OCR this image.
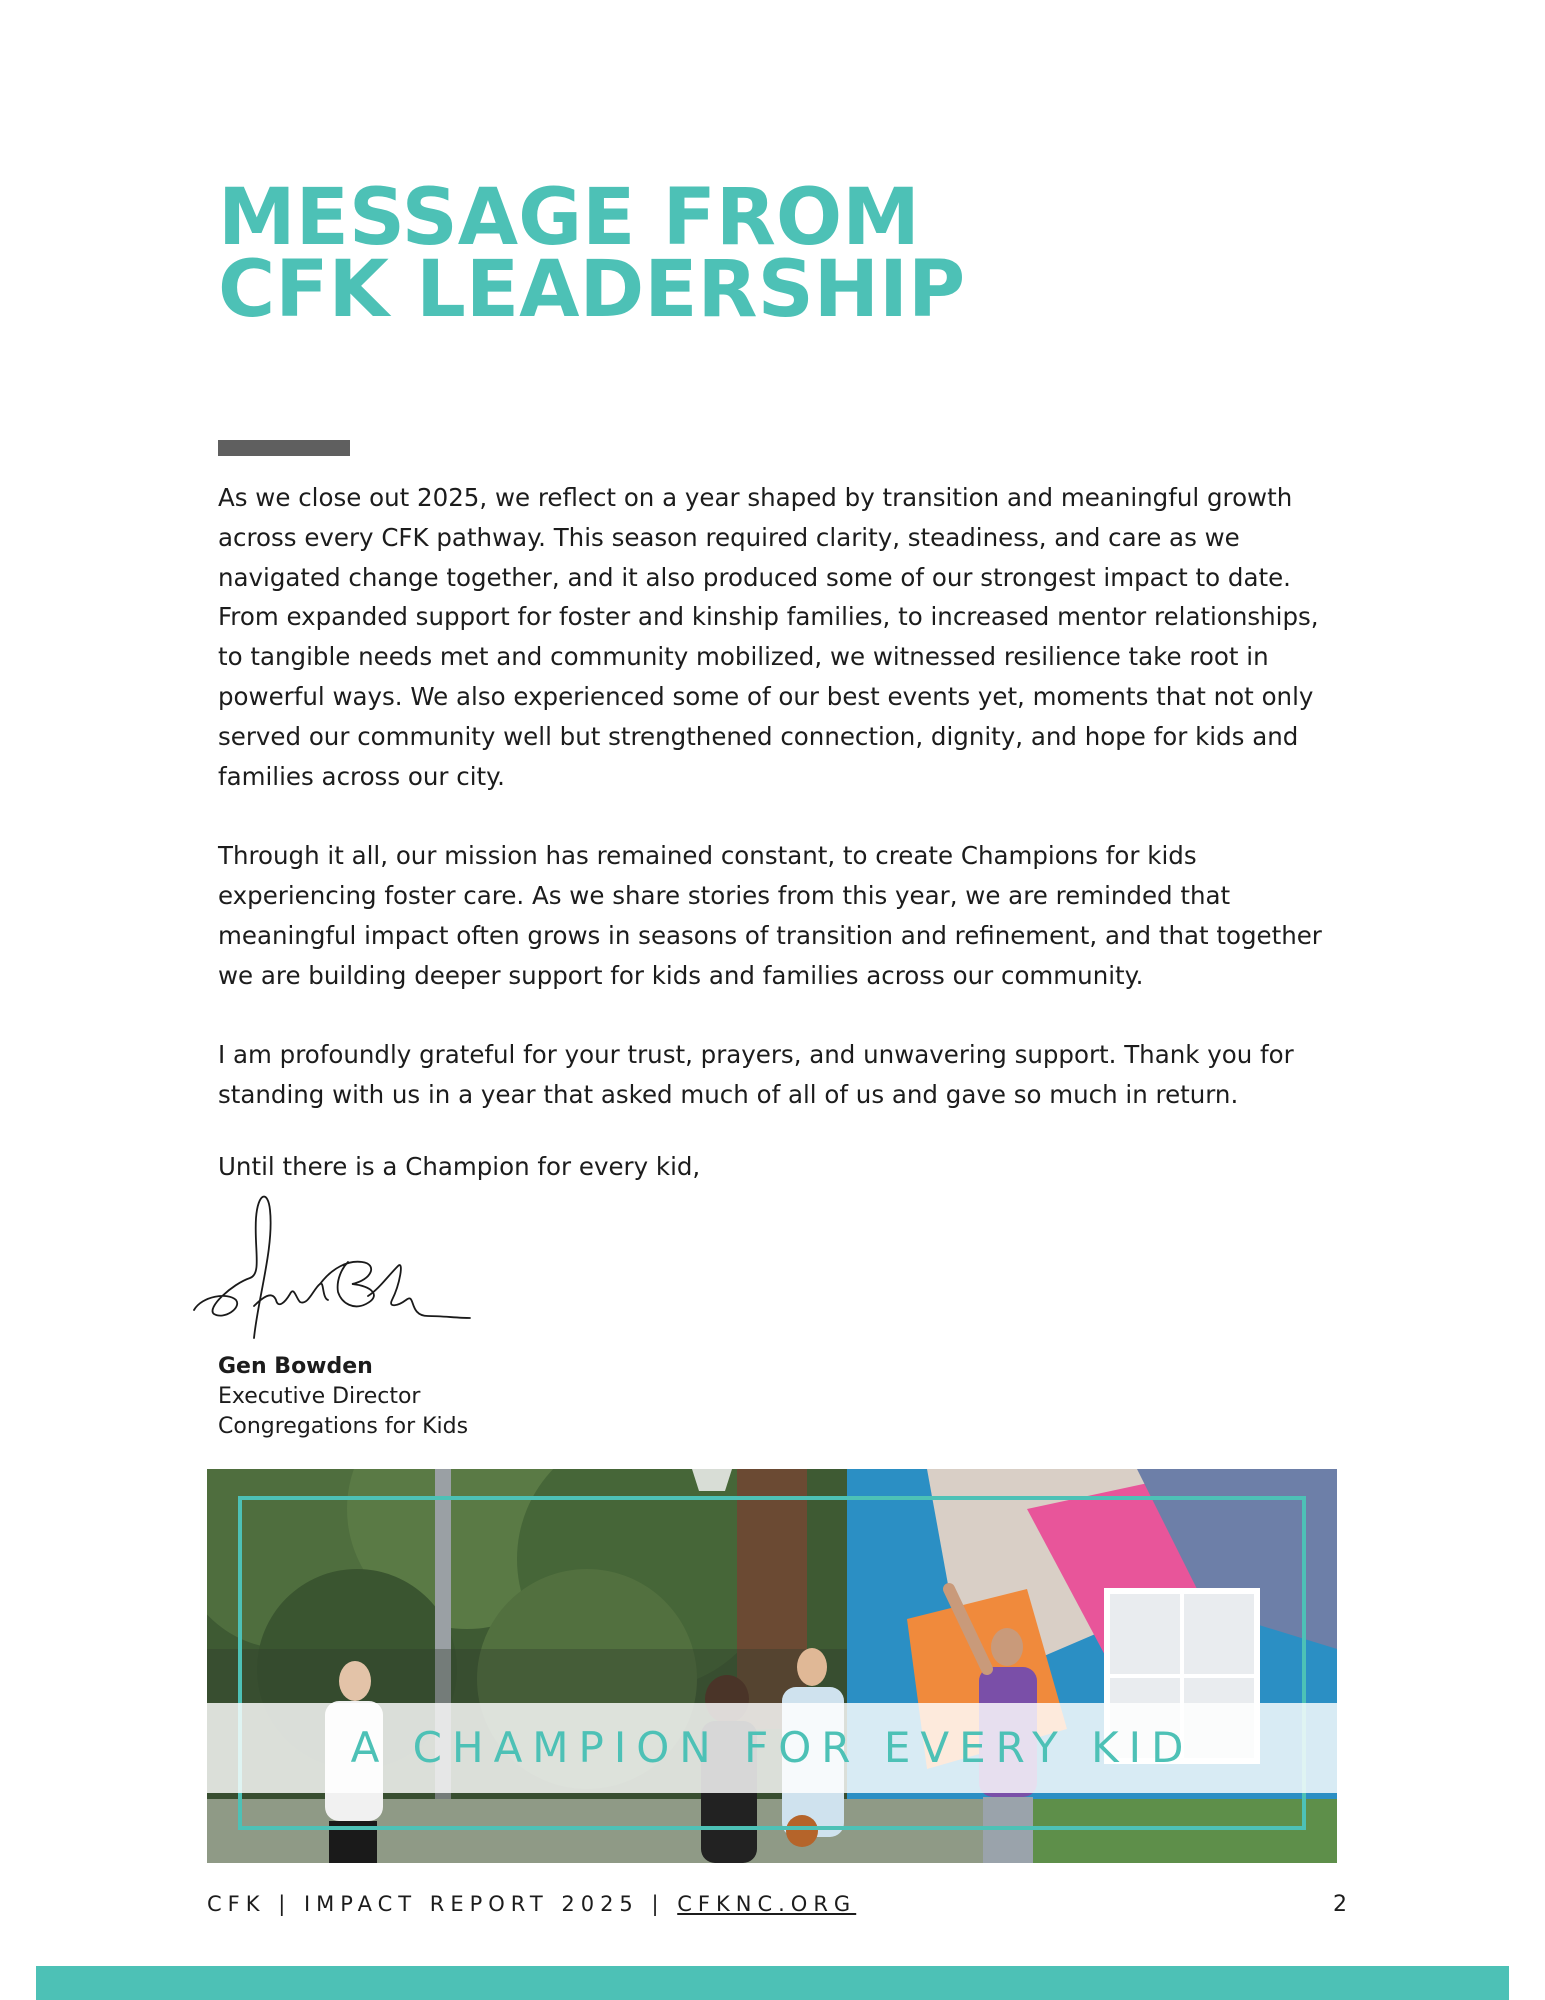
MESSAGE FROM
CFK LEADERSHIP

As we close out 2025, we reflect on a year shaped by transition and meaningful growth across every CFK pathway. This season required clarity, steadiness, and care as we navigated change together, and it also produced some of our strongest impact to date. From expanded support for foster and kinship families, to increased mentor relationships, to tangible needs met and community mobilized, we witnessed resilience take root in powerful ways. We also experienced some of our best events yet, moments that not only served our community well but strengthened connection, dignity, and hope for kids and families across our city.

Through it all, our mission has remained constant, to create Champions for kids experiencing foster care. As we share stories from this year, we are reminded that meaningful impact often grows in seasons of transition and refinement, and that together we are building deeper support for kids and families across our community.

I am profoundly grateful for your trust, prayers, and unwavering support. Thank you for standing with us in a year that asked much of all of us and gave so much in return.

Until there is a Champion for every kid,
Gen Bowden
Executive Director
Congregations for Kids
A CHAMPION FOR EVERY KID
CFK | IMPACT REPORT 2025 | CFKNC.ORG	2
